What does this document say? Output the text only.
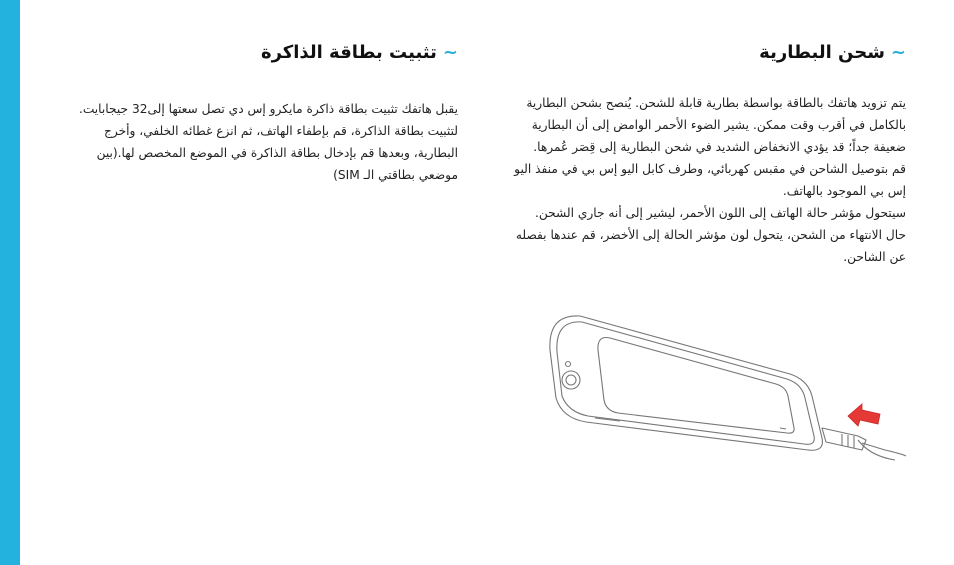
~شحن البطارية

يتم تزويد هاتفك بالطاقة بواسطة بطارية قابلة للشحن. يُنصح بشحن البطارية بالكامل في أقرب وقت ممكن. يشير الضوء الأحمر الوامض إلى أن البطارية ضعيفة جداً؛ قد يؤدي الانخفاض الشديد في شحن البطارية إلى قِصَر عُمرها.

قم بتوصيل الشاحن في مقبس كهربائي، وطرف كابل اليو إس بي في منفذ اليو إس بي الموجود بالهاتف.

سيتحول مؤشر حالة الهاتف إلى اللون الأحمر، ليشير إلى أنه جاري الشحن.

حال الانتهاء من الشحن، يتحول لون مؤشر الحالة إلى الأخضر، قم عندها بفصله عن الشاحن.

~تثبيت بطاقة الذاكرة

يقبل هاتفك تثبيت بطاقة ذاكرة مايكرو إس دي تصل سعتها إلى32 جيجابايت.

لتثبيت بطاقة الذاكرة، قم بإطفاء الهاتف، ثم انزع غطائه الخلفي، وأخرج البطارية، وبعدها قم بإدخال بطاقة الذاكرة في الموضع المخصص لها.(بين موضعي بطاقتي الـ SIM)
